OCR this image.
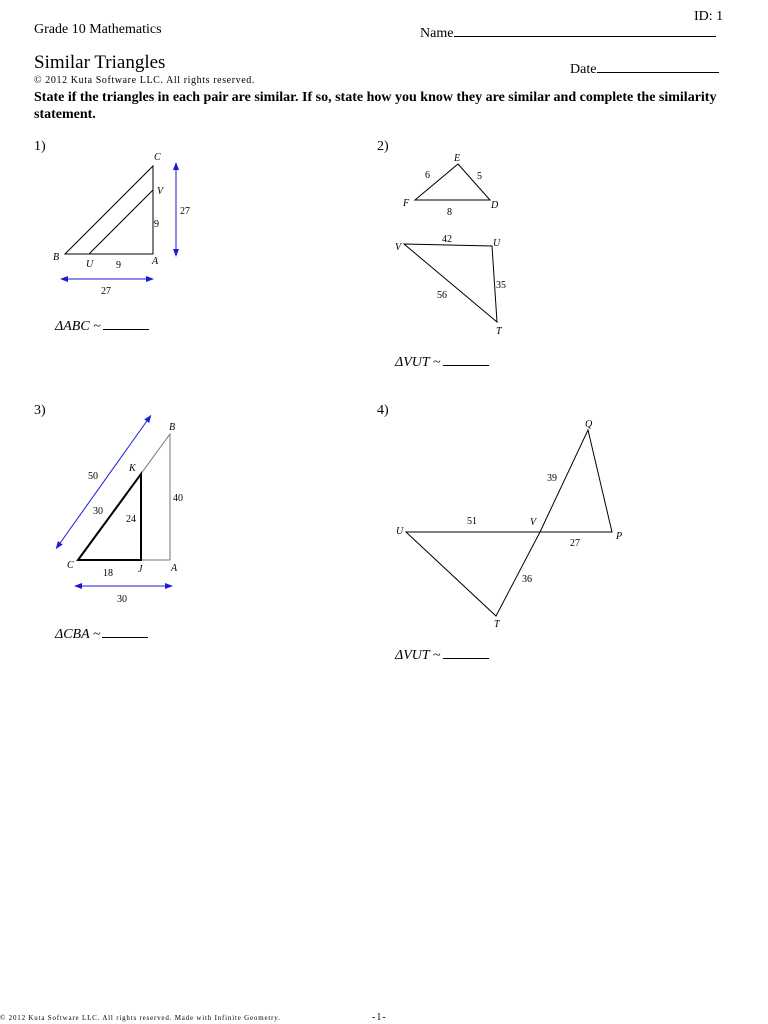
ID: 1
Grade 10 Mathematics	Name
Similar Triangles	Date
© 2012 Kuta Software LLC. All rights reserved.
State if the triangles in each pair are similar. If so, state how you know they are similar and complete the similarity statement.
1)
C
V
B
U	A
27
9
9
27
ΔABC ~
2)
E
F	D
V	U
T
6	5
8
42
35
56
ΔVUT ~
3)
B
K
C	J	A
50
30
24
40
18
30
ΔCBA ~
4)
Q
U
V
P
T
39
51
27
36
ΔVUT ~
© 2012 Kuta Software LLC. All rights reserved. Made with Infinite Geometry.	-1-
